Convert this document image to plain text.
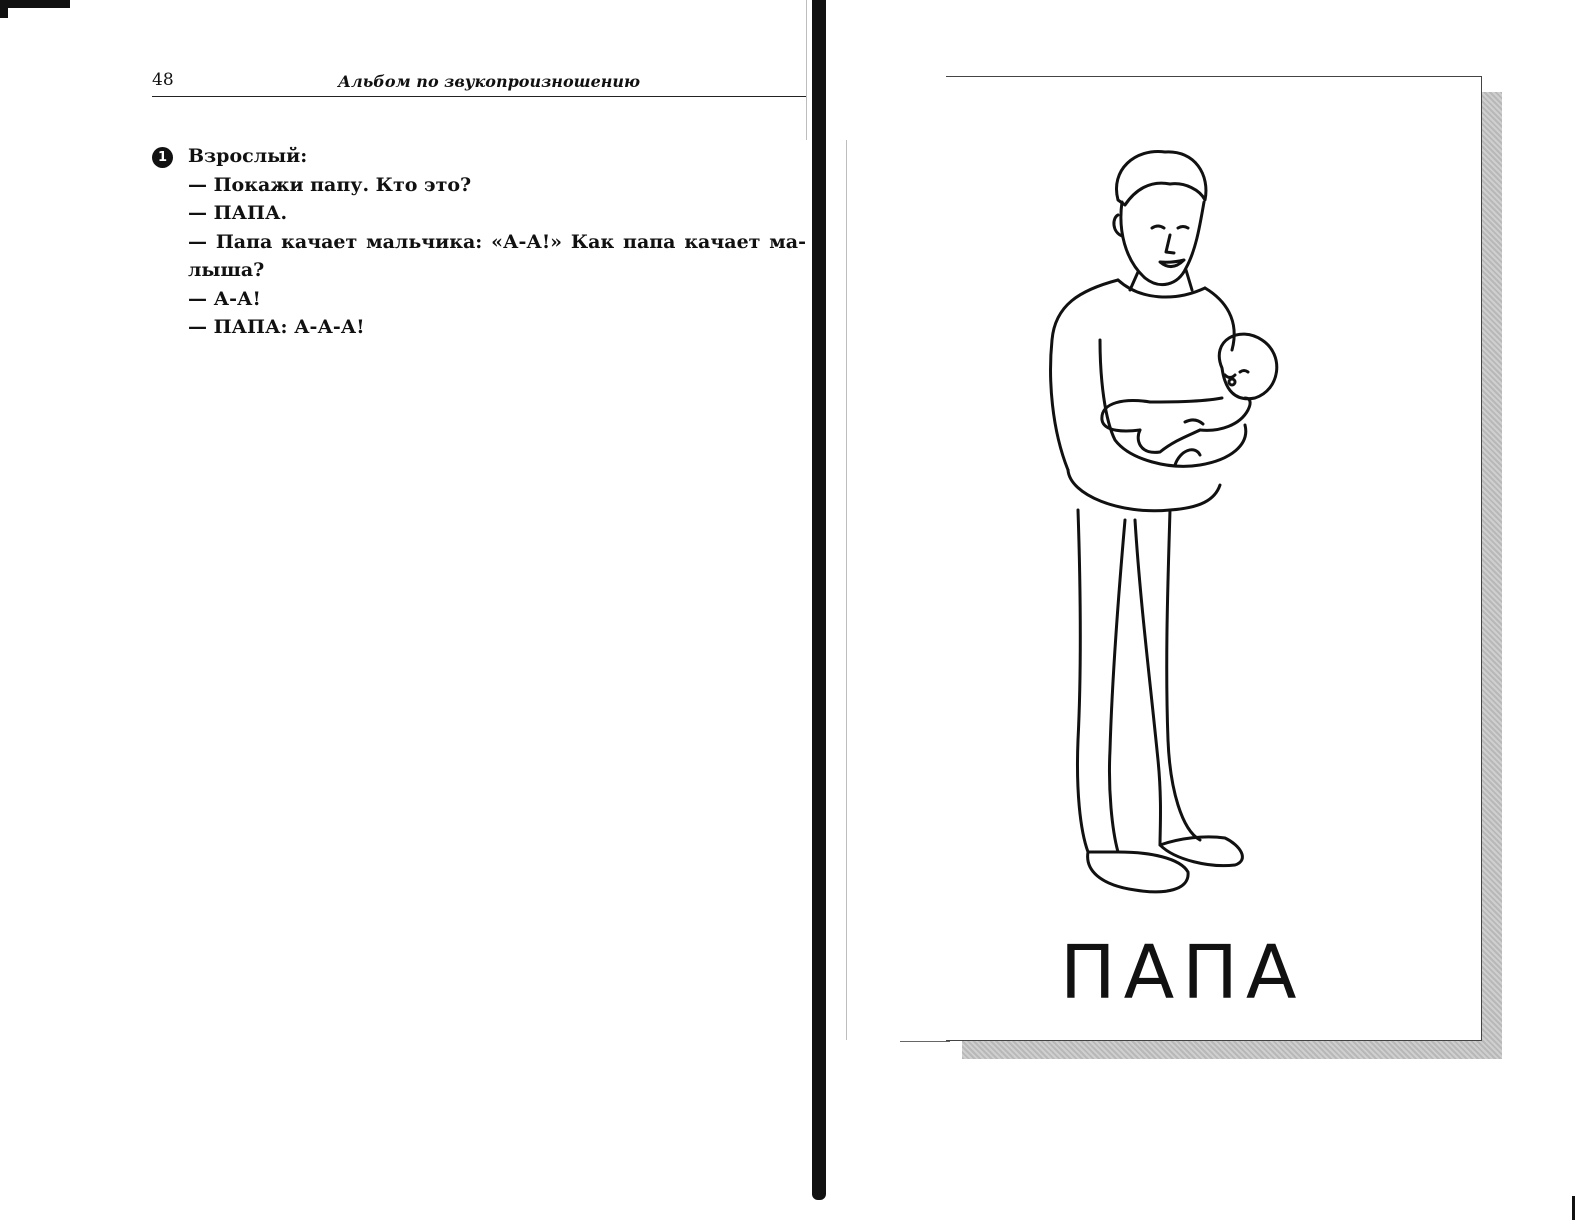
48	Альбом по звукопроизношению
1	Взрослый:
— Покажи папу. Кто это?
— ПАПА.
— Папа качает мальчика: «А-А!» Как папа качает ма-
лыша?
— А-А!
— ПАПА: А-А-А!
ПАПА
